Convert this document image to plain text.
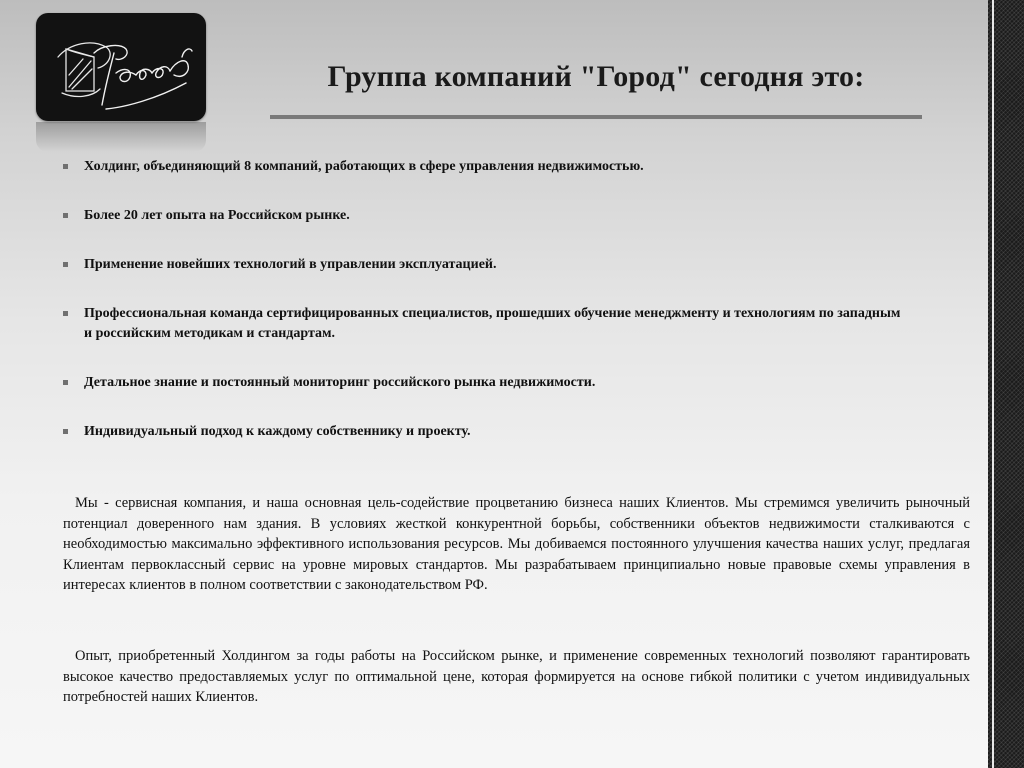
Группа компаний "Город" сегодня это:
Холдинг, объединяющий 8 компаний, работающих в сфере управления недвижимостью.
Более 20 лет опыта на Российском рынке.
Применение новейших технологий в управлении эксплуатацией.
Профессиональная команда сертифицированных специалистов, прошедших обучение менеджменту и технологиям по западным и российским методикам и стандартам.
Детальное знание и постоянный мониторинг российского рынка недвижимости.
Индивидуальный подход к каждому собственнику и проекту.

Мы - сервисная компания, и наша основная цель-содействие процветанию бизнеса наших Клиентов. Мы стремимся увеличить рыночный потенциал доверенного нам здания. В условиях жесткой конкурентной борьбы, собственники объектов недвижимости сталкиваются с необходимостью максимально эффективного использования ресурсов. Мы добиваемся постоянного улучшения качества наших услуг, предлагая Клиентам первоклассный сервис на уровне мировых стандартов. Мы разрабатываем принципиально новые правовые схемы управления в интересах клиентов в полном соответствии с законодательством РФ.

Опыт, приобретенный Холдингом за годы работы на Российском рынке, и применение современных технологий позволяют гарантировать высокое качество предоставляемых услуг по оптимальной цене, которая формируется на основе гибкой политики с учетом индивидуальных потребностей наших Клиентов.
